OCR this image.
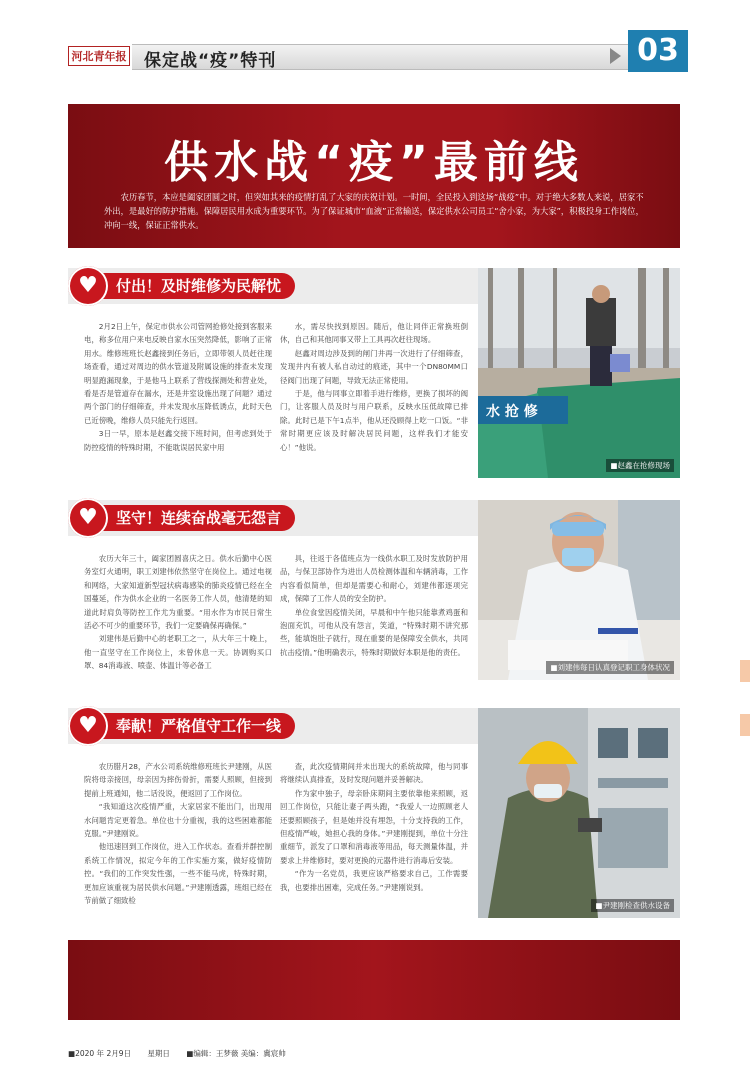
河北青年报 保定战“疫”特刊	03
供水战“疫”最前线
农历春节，本应是阖家团圆之时，但突如其来的疫情打乱了大家的庆祝计划。一时间，全民投入到这场“战疫”中。对于绝大多数人来说，居家不外出，是最好的防护措施。保障居民用水成为重要环节。为了保证城市“血液”正常输送，保定供水公司员工“舍小家，为大家”，积极投身工作岗位，冲向一线，保证正常供水。
付出！及时维修为民解忧
♥

2月2日上午，保定市供水公司管网抢修处接到客服来电，称多位用户来电反映自家水压突然降低，影响了正常用水。维修班班长赵鑫接到任务后，立即带领人员赶往现场查看，通过对周边的供水管道及附属设施的排查未发现明显跑漏现象，于是他马上联系了营线探测处和营业处，看是否是管道存在漏水，还是井室设施出现了问题？通过两个部门的仔细筛查，并未发现水压降低诱点，此时天色已近傍晚，维修人员只能先行返回。

3日一早，原本是赵鑫交接下班时间，但考虑到处于防控疫情的特殊时期，不能耽误居民家中用

水，需尽快找到原因。随后，他让同伴正常换班倒休，自己和其他同事又带上工具再次赶往现场。

赵鑫对周边涉及到的闸门井再一次进行了仔细筛查，发现井内有被人私自动过的痕迹，其中一个DN80MM口径阀门出现了问题，导致无法正常使用。

于是，他与同事立即着手进行维修，更换了损坏的阀门，让客服人员及时与用户联系，反映水压低故障已排除。此时已是下午1点半，他从还没顾得上吃一口饭。“非常时期更应该及时解决居民问题，这样我们才能安心！”他说。

水 抢 修
■赵鑫在抢修现场
坚守！连续奋战毫无怨言
♥

农历大年三十，阖家团圆喜庆之日。供水后勤中心医务室灯火通明，职工刘建伟依然坚守在岗位上。通过电视和网络，大家知道新型冠状病毒感染的肺炎疫情已经在全国蔓延，作为供水企业的一名医务工作人员，他清楚的知道此时肩负等防控工作尤为重要。“用水作为市民日常生活必不可少的重要环节，我们一定要确保再确保。”

刘建伟是后勤中心的老职工之一，从大年三十晚上，他一直坚守在工作岗位上，未曾休息一天。协调购买口罩、84消毒液、喷壶、体温计等必备工

具，往返于各值班点为一线供水职工及时发放防护用品，与保卫部协作为进出人员检测体温和车辆消毒，工作内容看似简单，但却是需要心和耐心，刘建伟都逐项完成，保障了工作人员的安全防护。

单位食堂因疫情关闭，早晨和中午他只能靠煮鸡蛋和泡面充饥，可他从没有怨言，笑道，“特殊时期不讲究那些，能填饱肚子就行，现在重要的是保障安全供水，共同抗击疫情。”他明确表示，特殊时期做好本职是他的责任。

■刘建伟每日认真登记职工身体状况
奉献！严格值守工作一线
♥

农历腊月28，产水公司系统维修班班长尹建刚，从医院将母亲接回，母亲因为摔伤骨折，需要人照顾，但接到提前上班通知，他二话没说，便返回了工作岗位。

“我知道这次疫情严重，大家居家不能出门，出现用水问题肯定更着急。单位也十分重视，我的这些困难都能克服。”尹建刚说。

他迅速回到工作岗位，进入工作状态。查看并群控制系统工作情况，拟定今年的工作实施方案，做好疫情防控。“我们的工作突发性强，一些不能马虎，特殊时期，更加应该重视为居民供水问题。”尹建刚透露，班组已经在节前做了细致检

查，此次疫情期间并未出现大的系统故障，他与同事将继续认真排查，及时发现问题并妥善解决。

作为家中独子，母亲卧床期间主要依靠他来照顾，返回工作岗位，只能让妻子两头跑，“我爱人一边照顾老人还要照顾孩子，但是她并没有埋怨，十分支持我的工作，但疫情严峻，她担心我的身体。”尹建刚提到，单位十分注重细节，派发了口罩和消毒液等用品，每天测量体温，并要求上井维修时，要对更换的元器件进行消毒后安装。

“作为一名党员，我更应该严格要求自己，工作需要我，也要排出困难，完成任务。”尹建刚说到。

■尹建刚检查供水设备
■2020 年 2月9日 星期日 ■编辑：王梦薇 美编：冀宸帅
